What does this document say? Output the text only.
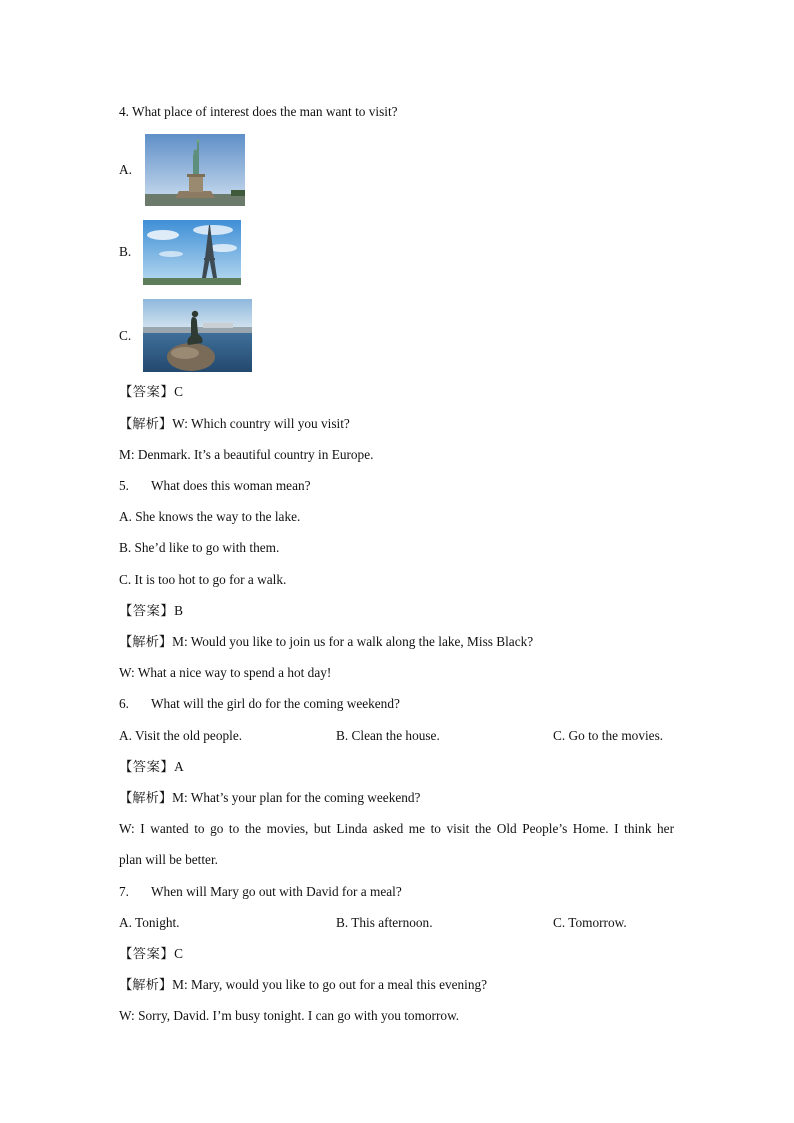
4. What place of interest does the man want to visit?
A.
B.
C.
【答案】C
【解析】W: Which country will you visit?
M: Denmark. It’s a beautiful country in Europe.
5. What does this woman mean?
A. She knows the way to the lake.
B. She’d like to go with them.
C. It is too hot to go for a walk.
【答案】B
【解析】M: Would you like to join us for a walk along the lake, Miss Black?
W: What a nice way to spend a hot day!
6. What will the girl do for the coming weekend?
A. Visit the old people.	B. Clean the house.	C. Go to the movies.
【答案】A
【解析】M: What’s your plan for the coming weekend?
W: I wanted to go to the movies, but Linda asked me to visit the Old People’s Home. I think her
plan will be better.
7. When will Mary go out with David for a meal?
A. Tonight.	B. This afternoon.	C. Tomorrow.
【答案】C
【解析】M: Mary, would you like to go out for a meal this evening?
W: Sorry, David. I’m busy tonight. I can go with you tomorrow.
